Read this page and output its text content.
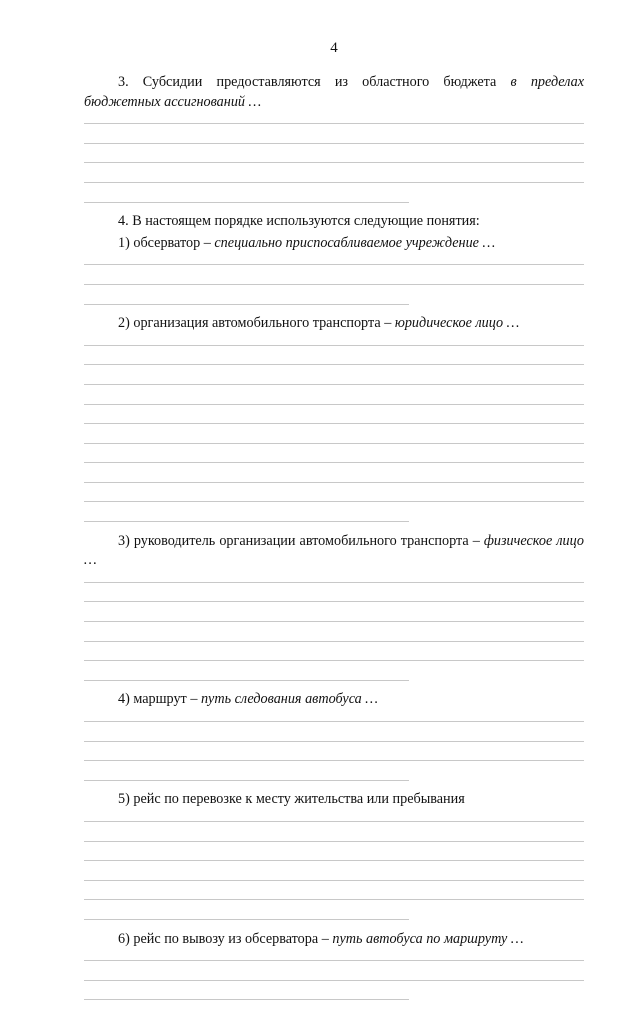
4

3. Субсидии предоставляются из областного бюджета в пределах бюджетных ассигнований …

4. В настоящем порядке используются следующие понятия:

1) обсерватор – специально приспосабливаемое учреждение …

2) организация автомобильного транспорта – юридическое лицо …

3) руководитель организации автомобильного транспорта – физическое лицо …

4) маршрут – путь следования автобуса …

5) рейс по перевозке к месту жительства или пребывания

6) рейс по вывозу из обсерватора – путь автобуса по маршруту …
